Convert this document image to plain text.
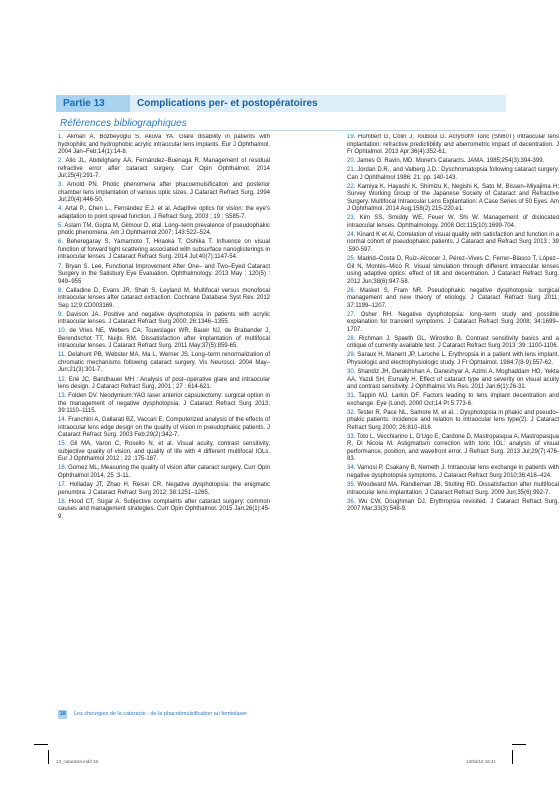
Partie 13	Complications per- et postopératoires
Références bibliographiques

1. Akman A, Bozbeyoglu S, Akova YA. Glare disability in patients with hydrophilic and hydrophobic acrylic intraocular lens implants. Eur J Ophthalmol. 2004 Jan–Feb;14(1):14-8.

2. Alio JL, Abdelghany AA, Fernández–Buenaga R. Management of residual refractive error after cataract surgery. Curr Opin Ophthalmol. 2014 Jul;25(4):291-7.

3. Arnold PN. Photic phenomena after phacoemulsification and posterior chamber lens implantation of various optic sizes. J Cataract Refract Surg. 1994 Jul;20(4):446-50.

4. Artal P., Chen L., Fernández E.J. et al. Adaptive optics for vision: the eye's adaptation to point spread function. J Refract Surg, 2003 ; 19 : S585-7.

5. Aslam TM, Gupta M, Gilmour D, etal. Long–term prevalence of pseudophakic photic phenomena. Am J Ophthalmol 2007; 143:522–524.

6. Beheregaray S, Yamamoto T, Hiraoka T, Oshika T. Influence on visual function of forward light scattering associated with subsurface nanoglisterings in intraocular lenses. J Cataract Refract Surg. 2014 Jul;40(7):1147-54.

7. Bryan S. Lee, Functional Improvement After One– and Two–Eyed Cataract Surgery in the Salisbury Eye Evaluation. Ophthalmology. 2013 May ; 120(5) : 949–955

8. Calladine D, Evans JR, Shah S, Leyland M. Multifocal versus monofocal intraocular lenses after cataract extraction. Cochrane Database Syst Rev. 2012 Sep 12;9:CD003169.

9. Davison JA. Positive and negative dysphotopsia in patients with acrylic intraocular lenses. J Cataract Refract Surg 2000; 26:1346–1355.

10. de Vries NE, Webers CA, Touwslager WR, Bauer NJ, de Brabander J, Berendschot TT, Nuijts RM. Dissatisfaction after implantation of multifocal intraocular lenses. J Cataract Refract Surg. 2011 May;37(5):859-65.

11. Delahunt PB, Webster MA, Ma L, Werner JS. Long–term renormalization of chromatic mechanisms following cataract surgery. Vis Neurosci. 2004 May–Jun;21(3):301-7.

12. Erié JC, Bandhauer MH : Analysis of post–operative glare and intraocular lens design. J Cataract Refract Surg, 2001 ; 27 : 614-621.

13. Folden DV. Neodymium:YAG laser anterior capsulectomy: surgical option in the management of negative dysphotopsia. J Cataract Refract Surg 2013; 39:1110–1115.

14. Franchini A, Gallarati BZ, Vaccari E. Computerized analysis of the effects of intraocular lens edge design on the quality of vision in pseudophakic patients. J Cataract Refract Surg. 2003 Feb;29(2):342-7.

15. Gil MA, Varon C, Rosello N, et al. Visual acuity, contrast sensitivity, subjective quality of vision, and quality of life with 4 different multifocal IOLs. Eur J Ophthalmol 2012 ; 22 :175-187.

16. Gomez ML, Measuring the quality of vision after cataract surgery, Curr Opin Ophthalmol 2014, 25 :3-11.

17. Holladay JT, Zhao H, Reisin CR. Negative dysphotopsia: the enigmatic penumbra. J Cataract Refract Surg 2012; 38:1251–1265.

18. Hood CT, Sugar A. Subjective complaints after cataract surgery: common causes and management strategies. Curr Opin Ophthalmol. 2015 Jan;26(1):45-9.

19. Humbert G, Colin J, Touboul D. AcrySof® Toric (SN60T) intraocular lens implantation: refractive predictibility and aberrometric impact of decentration. J Fr Ophtalmol. 2013 Apr;36(4):352-61.

20. James G. Ravin, MD. Monet's Cataracts. JAMA. 1985;254(3):394-399.

21. Jordan D.R., and Valberg J.D.: Dyschromatopsia following cataract surgery. Can J Ophthalmol 1986; 21: pp. 140-143.

22. Kamiya K, Hayashi K, Shimizu K, Negishi K, Sato M, Bissen–Miyajima H; Survey Working Group of the Japanese Society of Cataract and Refractive Surgery. Multifocal Intraocular Lens Explantation: A Case Series of 50 Eyes. Am J Ophthalmol. 2014 Aug;158(2):215-220.e1.

23. Kim SS, Smiddy WE, Feuer W, Shi W. Management of dislocated intraocular lenses. Ophthalmology. 2008 Oct;115(10):1699-704.

24. Kinard K et Al, Correlation of visual quality with satisfaction and function in a normal cohort of pseudophakic patients. J Cataract and Refract Surg 2013 ; 39 :590-597.

25. Madrid–Costa D, Ruiz–Alcocer J, Pérez–Vives C, Ferrer–Blasco T, López–Gil N, Montés–Micó R. Visual simulation through different intraocular lenses using adaptive optics: effect of tilt and decentration. J Cataract Refract Surg. 2012 Jun;38(6):947-58.

26. Masket S, Fram NR. Pseudophakic negative dysphotopsia: surgical management and new theory of etiology. J Cataract Refract Surg 2011; 37:1199–1207.

27. Osher RH. Negative dysphotopsia: long–term study and possible explanation for transient symptoms. J Cataract Refract Surg 2008; 34:1699–1707.

28. Richman J, Spaeth GL, Wirostko B. Contrast sensitivity basics and a critique of currently available test. J Cataract Refract Surg 2013 ;39 :1100-1106.

29. Saraux H, Manent JP, Laroche L. Erythropsia in a patient with lens implant. Physiologic and electrophysiologic study. J Fr Ophtalmol. 1984;7(8-9):557-62.

30. Shandiz JH, Derakhshan A, Daneshyar A, Azimi A, Moghaddam HO, Yekta AA, Yazdi SH, Esmaily H. Effect of cataract type and severity on visual acuity and contrast sensitivity. J Ophthalmic Vis Res. 2011 Jan;6(1):26-31.

31. Tappin MJ, Larkin DF. Factors leading to lens implant decentration and exchange. Eye (Lond). 2000 Oct;14 Pt 5:773-6.

32. Tester R, Pace NL, Samore M, et al. : Dysphotopsia in phakic and pseudo–phakic patients: incidence and relation to intraocular lens type(2). J Cataract Refract Surg 2000; 26:810–816.

33. Toto L, Vecchiarino L, D'Ugo E, Cardone D, Mastropasqua A, Mastropasqua R, Di Nicola M. Astigmatism correction with toric IOL: analysis of visual performance, position, and wavefront error. J Refract Surg. 2013 Jul;29(7):476-83.

34. Vamosi P, Csakany B, Nemeth J. Intraocular lens exchange in patients with negative dysphotopsia symptoms. J Cataract Refract Surg 2010;36:418–424.

35. Woodward MA, Randleman JB, Stulting RD. Dissatisfaction after multifocal intraocular lens implantation. J Cataract Refract Surg. 2009 Jun;35(6):992-7.

36. Wu CW, Doughman DJ. Erythropsia revisited. J Cataract Refract Surg. 2007 Mar;33(3):548-9.

18 Les chirurgies de la cataracte : de la phacoémulsification au femtolaser
13_cataracte.indd 18	13/04/16 16:41
